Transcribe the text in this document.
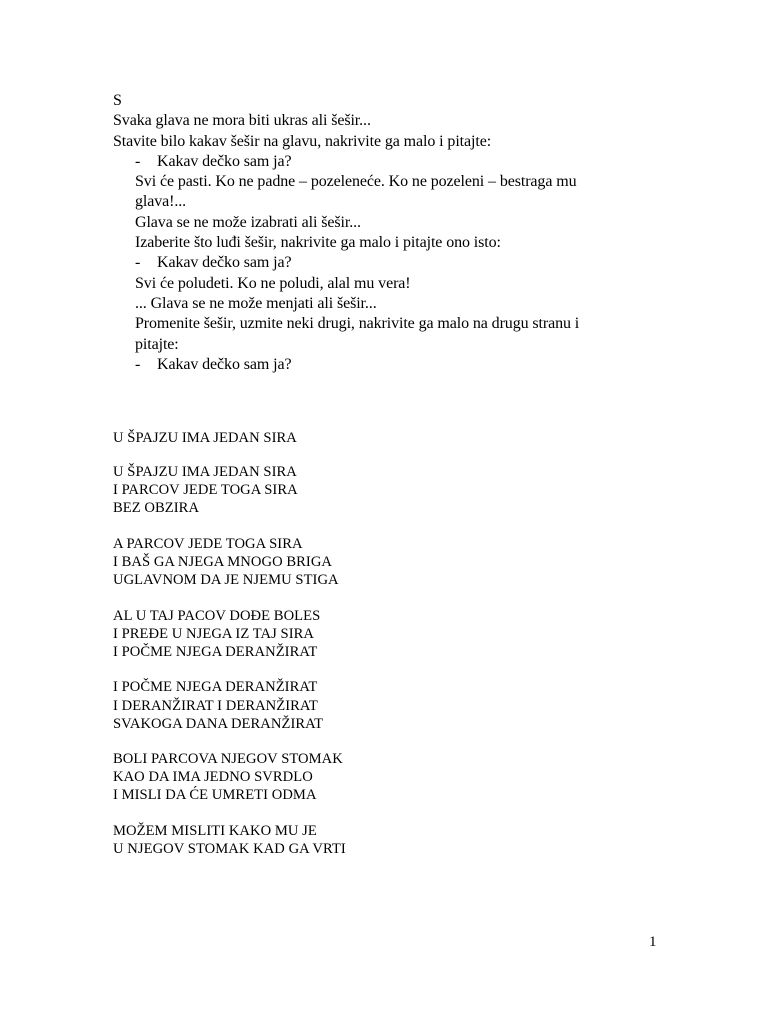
S
Svaka glava ne mora biti ukras ali šešir...
Stavite bilo kakav šešir na glavu, nakrivite ga malo i pitajte:
- Kakav dečko sam ja?
Svi će pasti. Ko ne padne – pozeleneće. Ko ne pozeleni – bestraga mu
glava!...
Glava se ne može izabrati ali šešir...
Izaberite što luđi šešir, nakrivite ga malo i pitajte ono isto:
- Kakav dečko sam ja?
Svi će poludeti. Ko ne poludi, alal mu vera!
... Glava se ne može menjati ali šešir...
Promenite šešir, uzmite neki drugi, nakrivite ga malo na drugu stranu i
pitajte:
- Kakav dečko sam ja?
U ŠPAJZU IMA JEDAN SIRA
U ŠPAJZU IMA JEDAN SIRA
I PARCOV JEDE TOGA SIRA
BEZ OBZIRA
A PARCOV JEDE TOGA SIRA
I BAŠ GA NJEGA MNOGO BRIGA
UGLAVNOM DA JE NJEMU STIGA
AL U TAJ PACOV DOĐE BOLES
I PREĐE U NJEGA IZ TAJ SIRA
I POČME NJEGA DERANŽIRAT
I POČME NJEGA DERANŽIRAT
I DERANŽIRAT I DERANŽIRAT
SVAKOGA DANA DERANŽIRAT
BOLI PARCOVA NJEGOV STOMAK
KAO DA IMA JEDNO SVRDLO
I MISLI DA ĆE UMRETI ODMA
MOŽEM MISLITI KAKO MU JE
U NJEGOV STOMAK KAD GA VRTI
1
